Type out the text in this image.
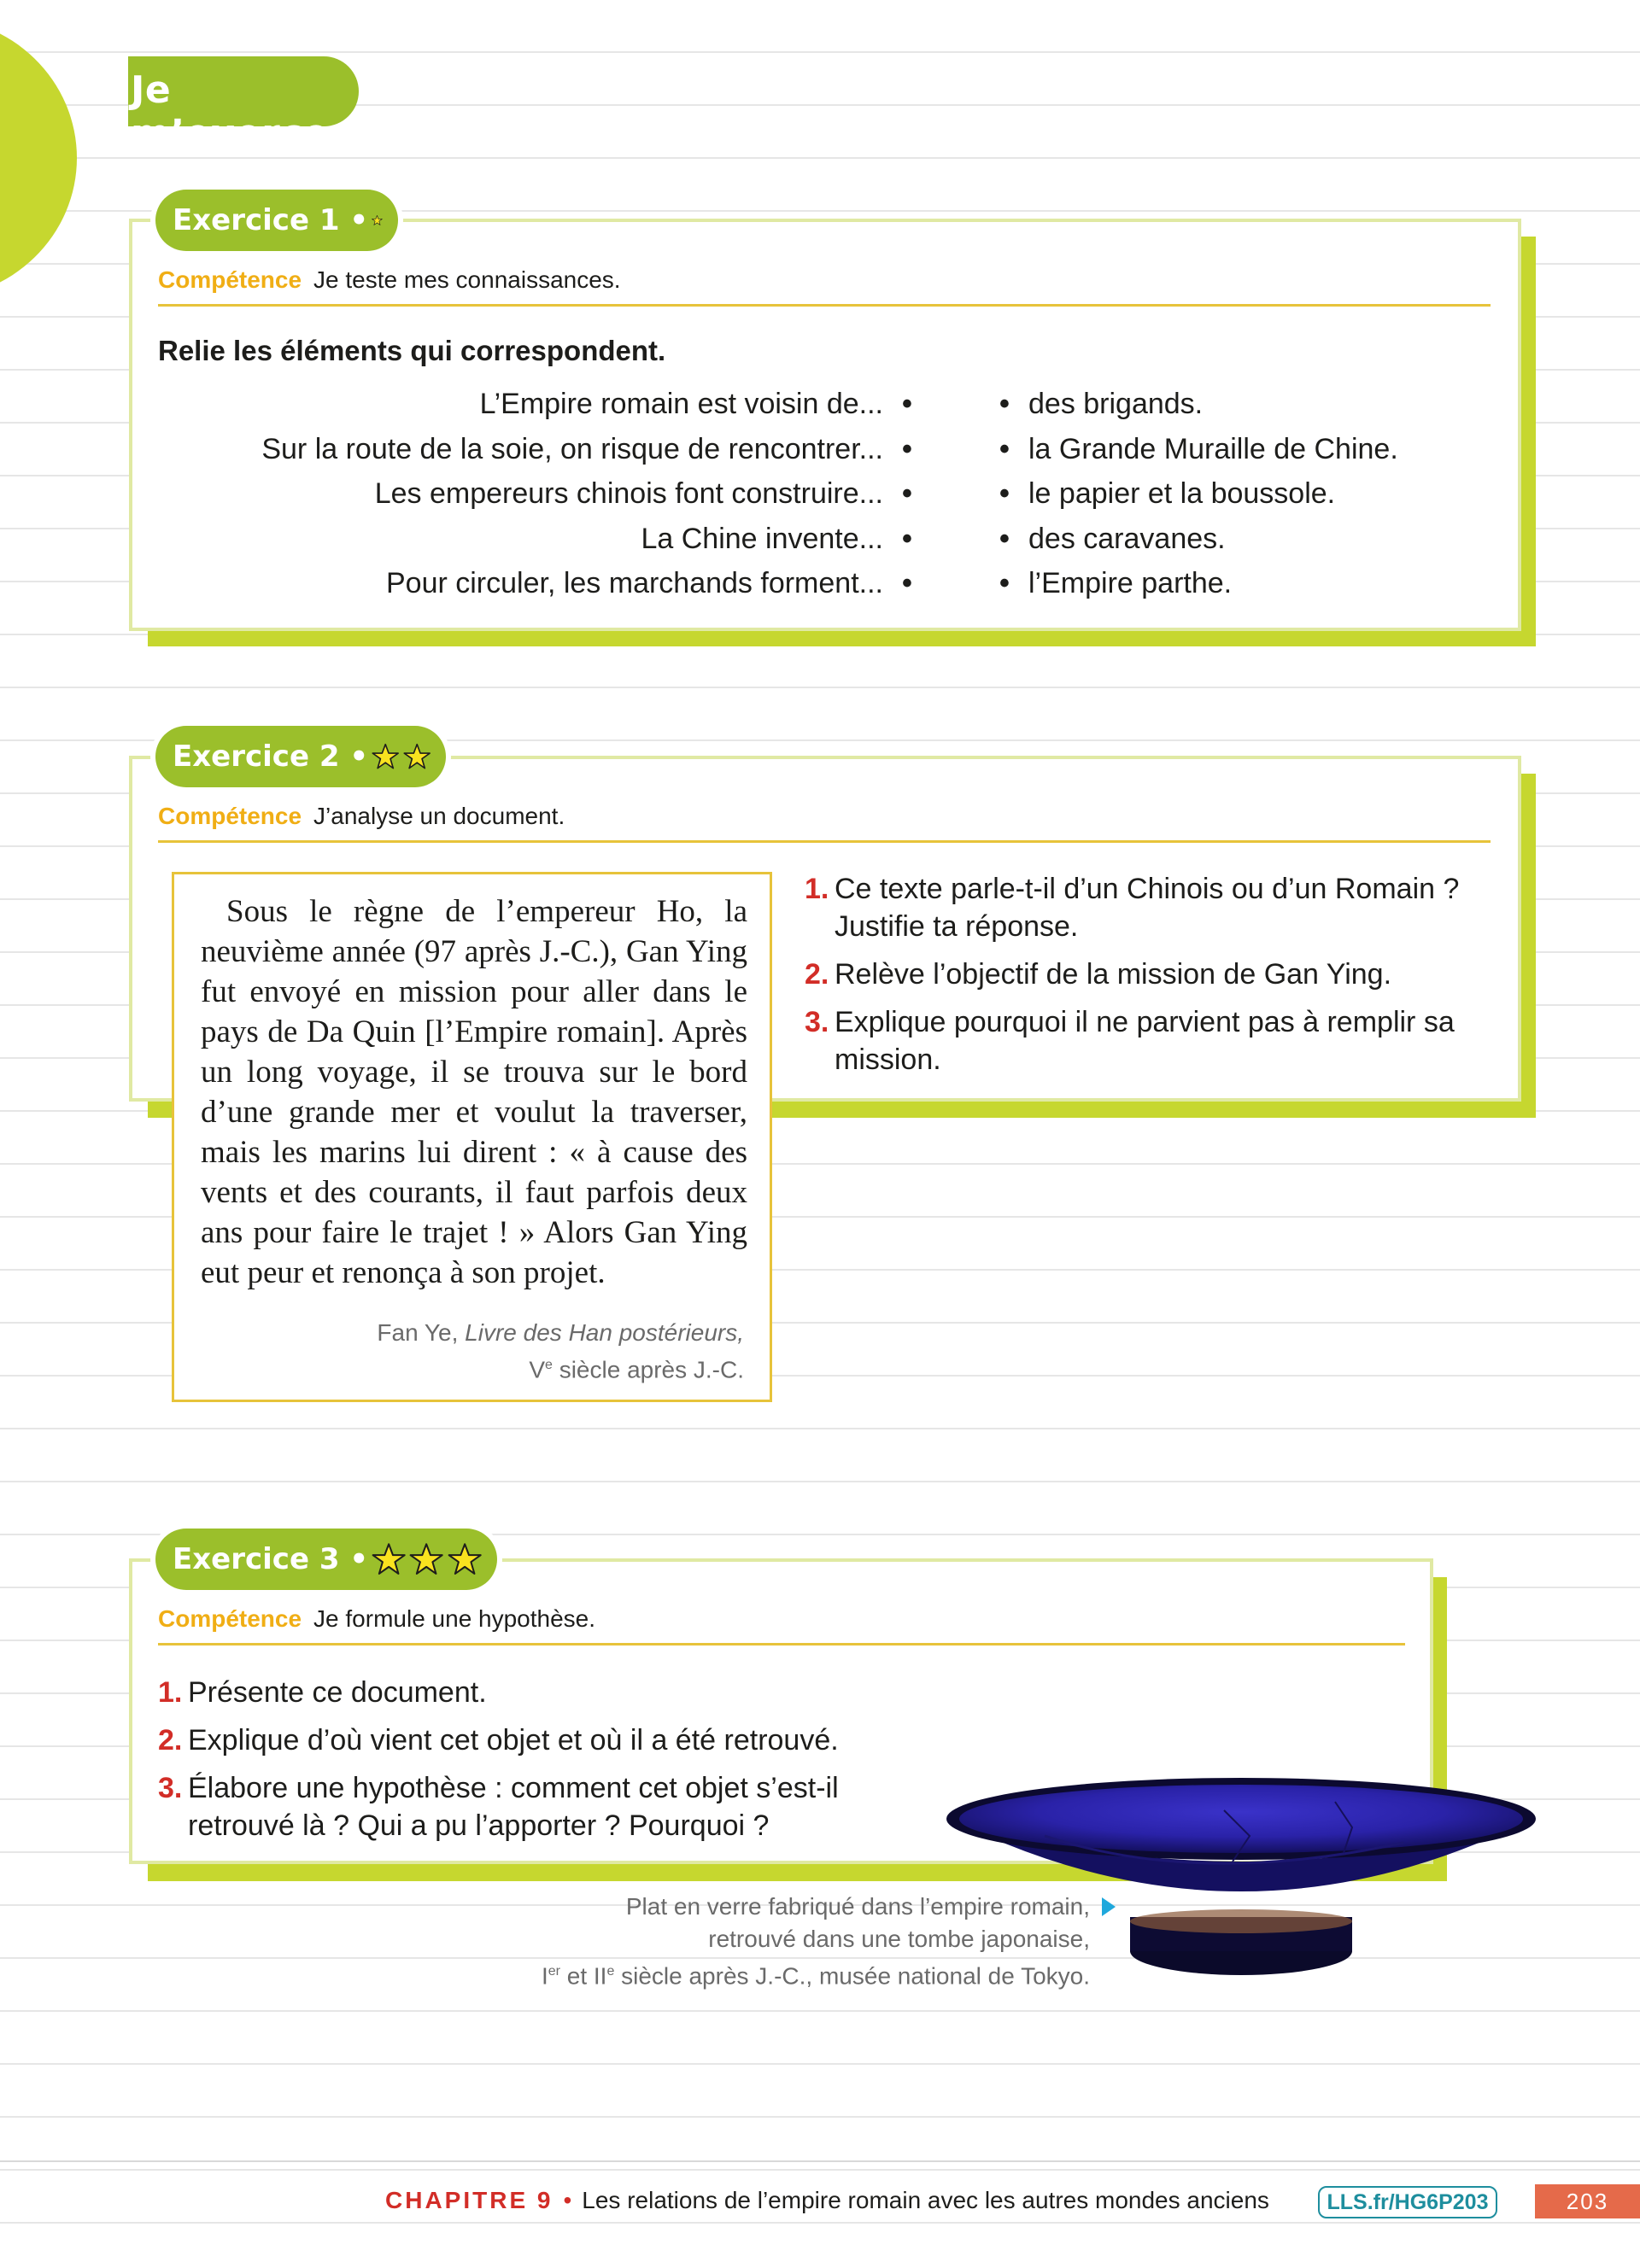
Je m’exerce
Exercice 1 •
Compétence Je teste mes connaissances.
Relie les éléments qui correspondent.
L’Empire romain est voisin de... •
Sur la route de la soie, on risque de rencontrer... •
Les empereurs chinois font construire... •
La Chine invente... •
Pour circuler, les marchands forment... •
• des brigands.
• la Grande Muraille de Chine.
• le papier et la boussole.
• des caravanes.
• l’Empire parthe.
Exercice 2 •
Compétence J’analyse un document.
Sous le règne de l’empereur Ho, la neuvième année (97 après J.-C.), Gan Ying fut envoyé en mission pour aller dans le pays de Da Quin [l’Empire romain]. Après un long voyage, il se trouva sur le bord d’une grande mer et voulut la traverser, mais les marins lui dirent : « à cause des vents et des courants, il faut parfois deux ans pour faire le trajet ! » Alors Gan Ying eut peur et renonça à son projet.
Fan Ye, Livre des Han postérieurs,
Ve siècle après J.-C.
1. Ce texte parle-t-il d’un Chinois ou d’un Romain ? Justifie ta réponse.
2. Relève l’objectif de la mission de Gan Ying.
3. Explique pourquoi il ne parvient pas à remplir sa mission.
Exercice 3 •
Compétence Je formule une hypothèse.
1. Présente ce document.
2. Explique d’où vient cet objet et où il a été retrouvé.
3. Élabore une hypothèse : comment cet objet s’est-il retrouvé là ? Qui a pu l’apporter ? Pourquoi ?
Plat en verre fabriqué dans l’empire romain,
retrouvé dans une tombe japonaise,
Ier et IIe siècle après J.-C., musée national de Tokyo.
CHAPITRE 9 • Les relations de l’empire romain avec les autres mondes anciens	LLS.fr/HG6P203	203
